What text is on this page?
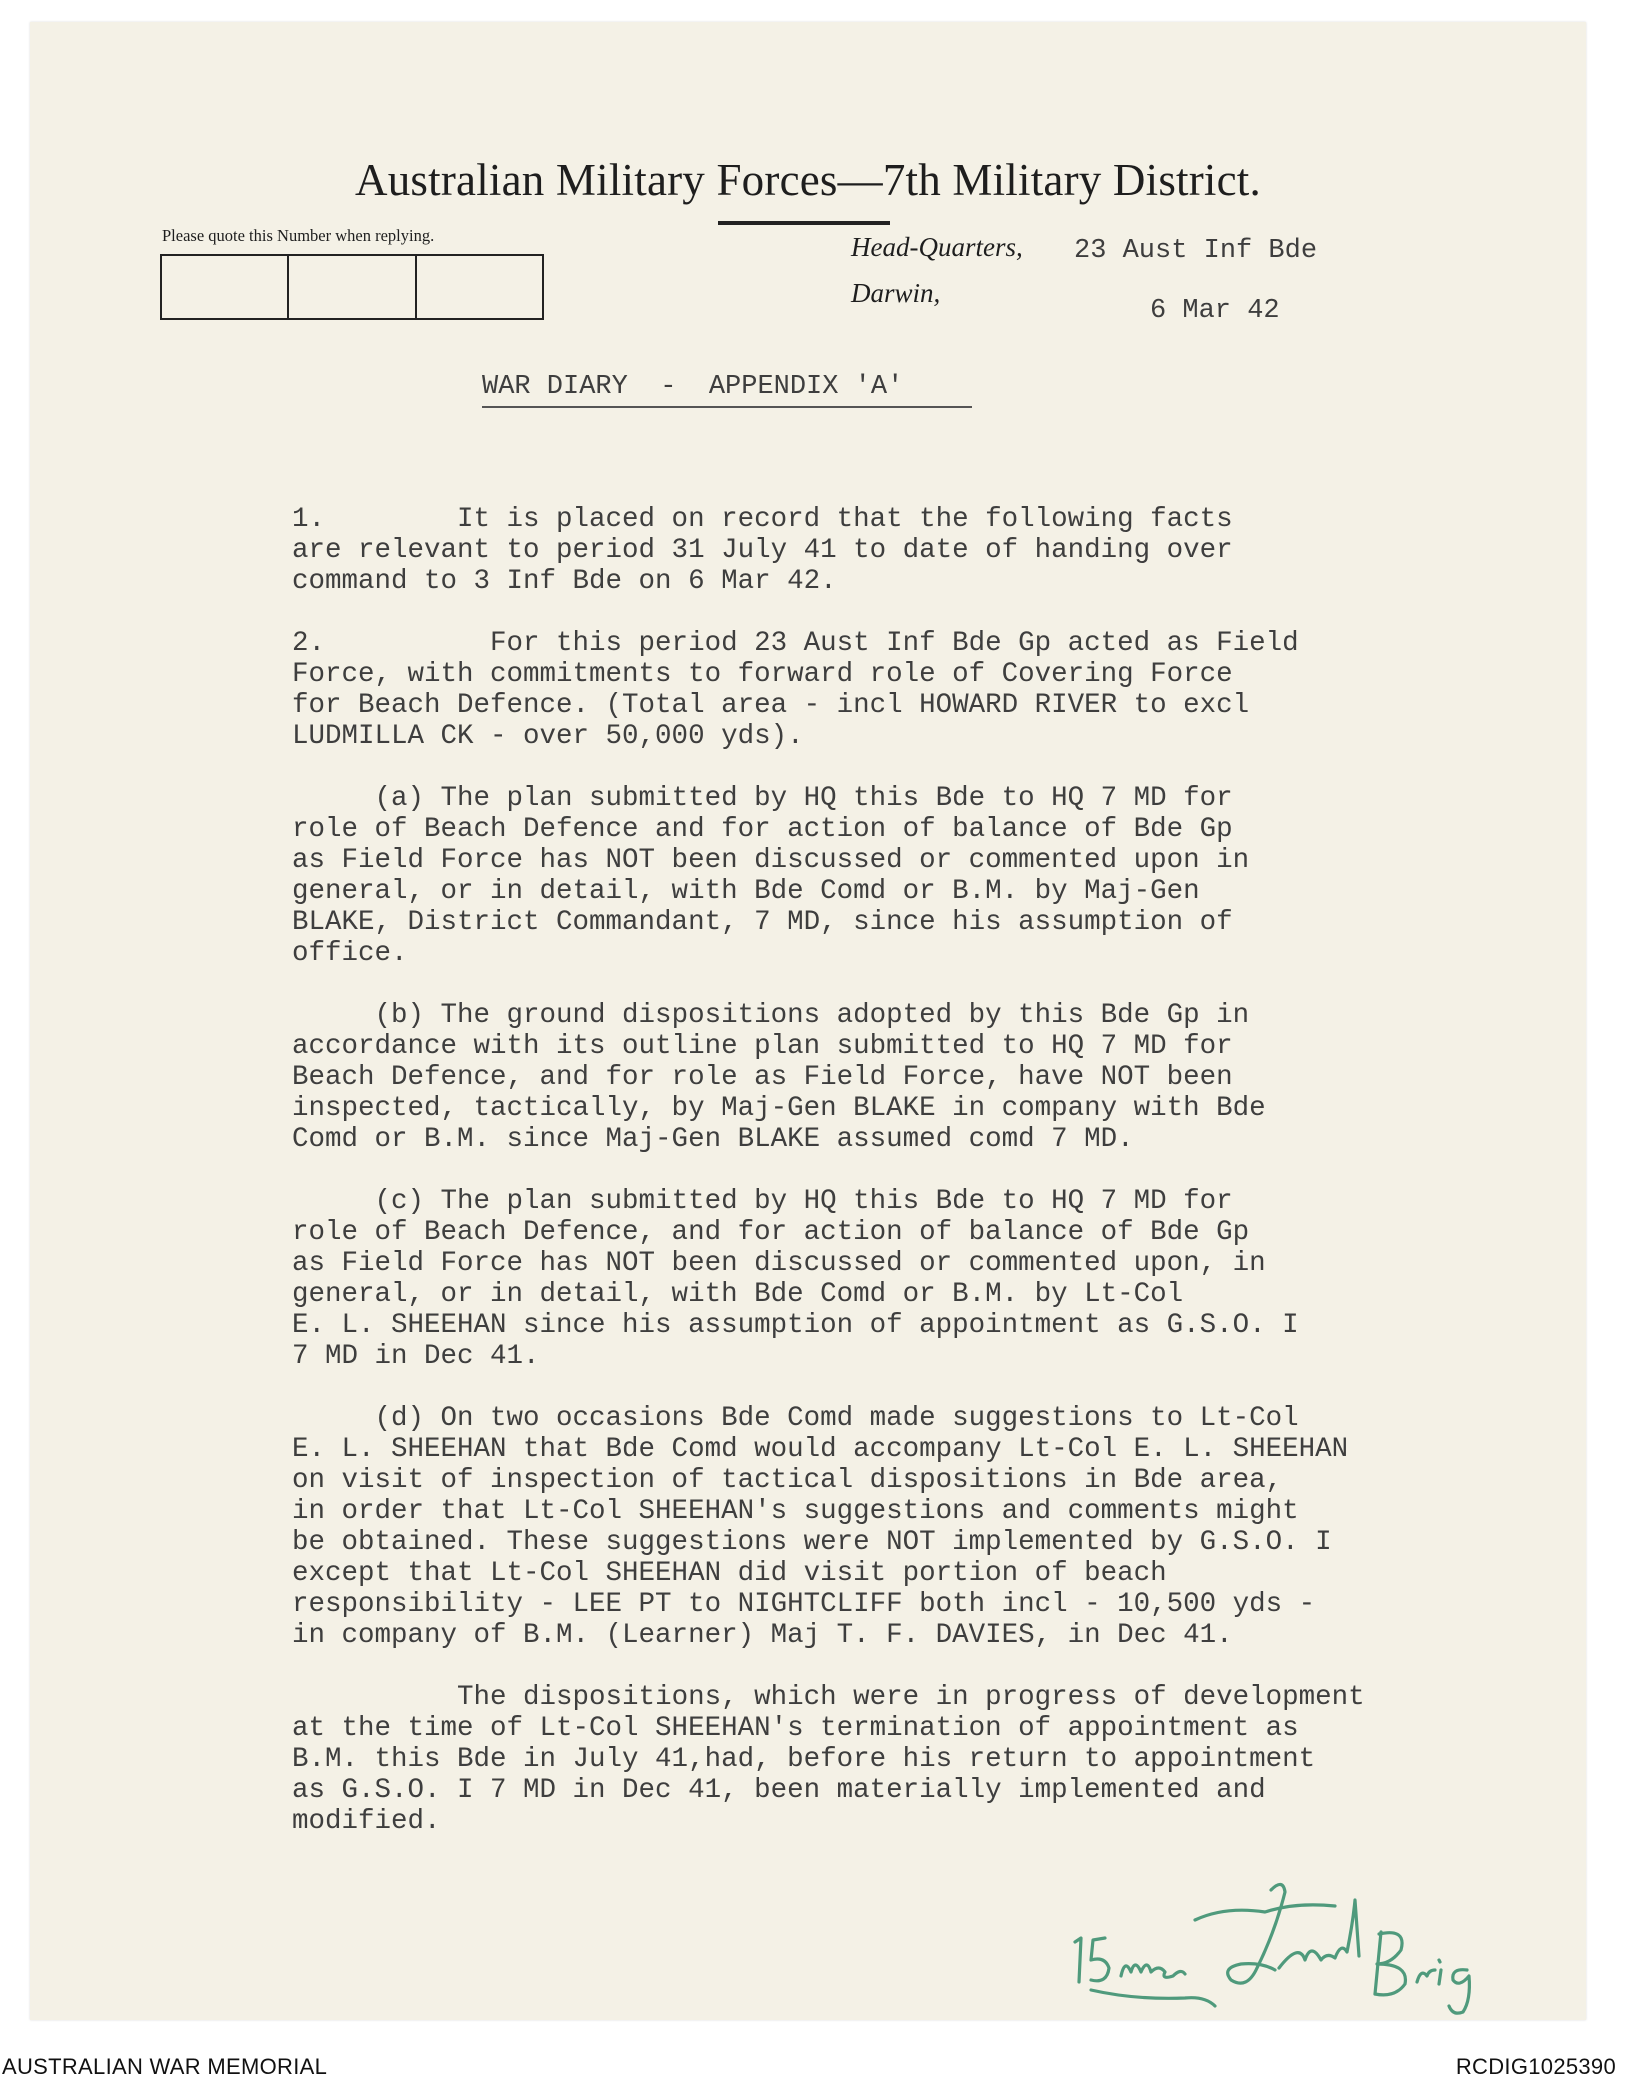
Australian Military Forces—7th Military District.
Please quote this Number when replying.	Head-Quarters,
Darwin,
23 Aust Inf Bde
6 Mar 42
WAR DIARY  -  APPENDIX 'A'

1.        It is placed on record that the following facts
are relevant to period 31 July 41 to date of handing over
command to 3 Inf Bde on 6 Mar 42.

2.          For this period 23 Aust Inf Bde Gp acted as Field
Force, with commitments to forward role of Covering Force
for Beach Defence. (Total area - incl HOWARD RIVER to excl
LUDMILLA CK - over 50,000 yds).

(a) The plan submitted by HQ this Bde to HQ 7 MD for
role of Beach Defence and for action of balance of Bde Gp
as Field Force has NOT been discussed or commented upon in
general, or in detail, with Bde Comd or B.M. by Maj-Gen
BLAKE, District Commandant, 7 MD, since his assumption of
office.

(b) The ground dispositions adopted by this Bde Gp in
accordance with its outline plan submitted to HQ 7 MD for
Beach Defence, and for role as Field Force, have NOT been
inspected, tactically, by Maj-Gen BLAKE in company with Bde
Comd or B.M. since Maj-Gen BLAKE assumed comd 7 MD.

(c) The plan submitted by HQ this Bde to HQ 7 MD for
role of Beach Defence, and for action of balance of Bde Gp
as Field Force has NOT been discussed or commented upon, in
general, or in detail, with Bde Comd or B.M. by Lt-Col
E. L. SHEEHAN since his assumption of appointment as G.S.O. I
7 MD in Dec 41.

(d) On two occasions Bde Comd made suggestions to Lt-Col
E. L. SHEEHAN that Bde Comd would accompany Lt-Col E. L. SHEEHAN
on visit of inspection of tactical dispositions in Bde area,
in order that Lt-Col SHEEHAN's suggestions and comments might
be obtained. These suggestions were NOT implemented by G.S.O. I
except that Lt-Col SHEEHAN did visit portion of beach
responsibility - LEE PT to NIGHTCLIFF both incl - 10,500 yds -
in company of B.M. (Learner) Maj T. F. DAVIES, in Dec 41.

The dispositions, which were in progress of development
at the time of Lt-Col SHEEHAN's termination of appointment as
B.M. this Bde in July 41,had, before his return to appointment
as G.S.O. I 7 MD in Dec 41, been materially implemented and
modified.

AUSTRALIAN WAR MEMORIAL	RCDIG1025390
